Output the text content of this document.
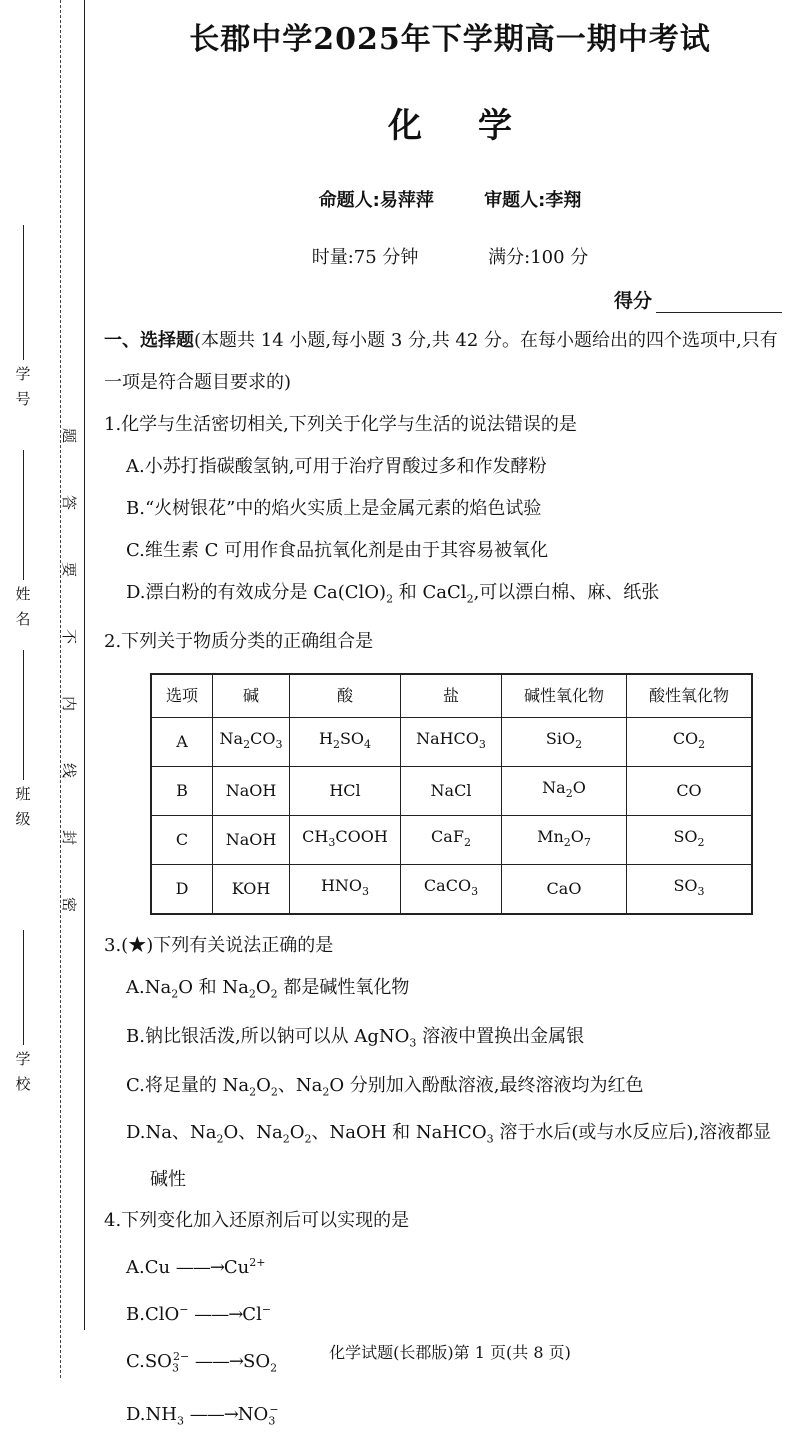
学号
姓名
班级
学校
题
答
要
不
内
线
封
密
长郡中学2025年下学期高一期中考试
化学
命题人:易萍萍	审题人:李翔
时量:75 分钟	满分:100 分
得分

一、选择题(本题共 14 小题,每小题 3 分,共 42 分。在每小题给出的四个选项中,只有一项是符合题目要求的)

1.化学与生活密切相关,下列关于化学与生活的说法错误的是

A.小苏打指碳酸氢钠,可用于治疗胃酸过多和作发酵粉

B.“火树银花”中的焰火实质上是金属元素的焰色试验

C.维生素 C 可用作食品抗氧化剂是由于其容易被氧化

D.漂白粉的有效成分是 $Ca(ClO)_2$ 和 CaCl$_2$,可以漂白棉、麻、纸张

2.下列关于物质分类的正确组合是

选项	碱	酸	盐	碱性氧化物	酸性氧化物
A	$Na_2CO_3$	$H_2SO_4$	NaHCO$_3$	SiO$_2$	$CO_2$
B	NaOH	HCl	NaCl	$Na_2O$	CO
C	NaOH	$CH_3COOH$	CaF$_2$	$Mn_2O_7$	$SO_2$
D	KOH	$HNO_3$	CaCO$_3$	CaO	$SO_3$

3.(★)下列有关说法正确的是

$A.Na_2O$ 和 $Na_2O_2$ 都是碱性氧化物

B.钠比银活泼,所以钠可以从 AgNO$_3$ 溶液中置换出金属银

C.将足量的 $Na_2O_2$、$Na_2O$ 分别加入酚酞溶液,最终溶液均为红色

D.Na、$Na_2O$、$Na_2O_2$、NaOH 和 NaHCO$_3$ 溶于水后(或与水反应后),溶液都显碱性

4.下列变化加入还原剂后可以实现的是

A.Cu $——\to Cu^{2+}$

B.ClO− ——→Cl−

$C.SO_3^{2-}$ $——\to SO_2$

$D.NH_3$ $——\to NO_3^-$

化学试题(长郡版)第 1 页(共 8 页)
